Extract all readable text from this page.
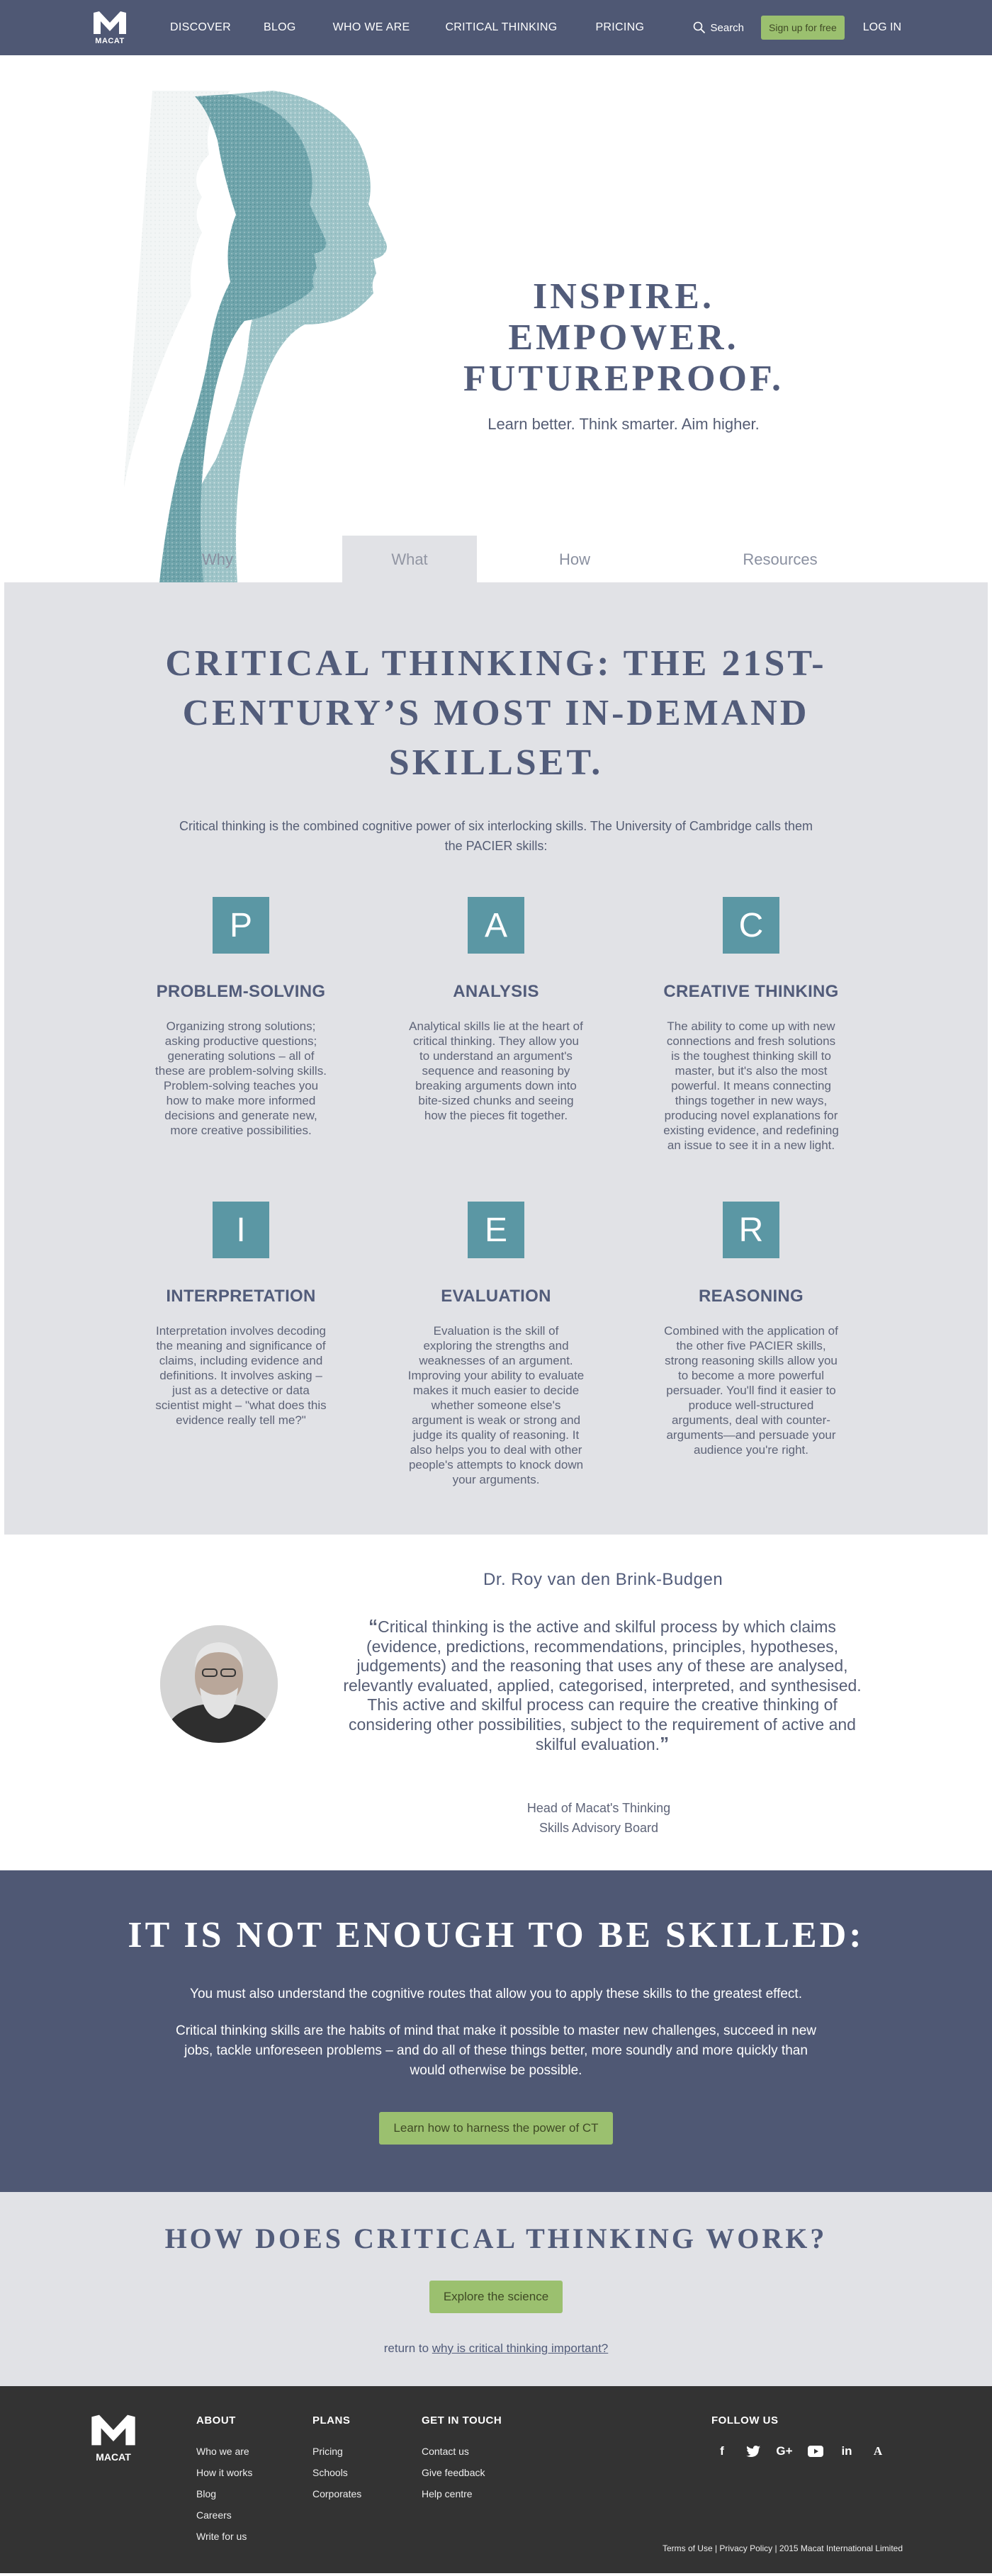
MACAT
DISCOVER	BLOG	WHO WE ARE	CRITICAL THINKING	PRICING	Search	Sign up for free	LOG IN
INSPIRE. EMPOWER.
FUTUREPROOF.

Learn better. Think smarter. Aim higher.

Why	What	How	Resources
CRITICAL THINKING: THE 21ST-CENTURY’S MOST IN-DEMAND SKILLSET.

Critical thinking is the combined cognitive power of six interlocking skills. The University of Cambridge calls them the PACIER skills:

P
PROBLEM-SOLVING

Organizing strong solutions; asking productive questions; generating solutions – all of these are problem-solving skills. Problem-solving teaches you how to make more informed decisions and generate new, more creative possibilities.

A
ANALYSIS

Analytical skills lie at the heart of critical thinking. They allow you to understand an argument's sequence and reasoning by breaking arguments down into bite-sized chunks and seeing how the pieces fit together.

C
CREATIVE THINKING

The ability to come up with new connections and fresh solutions is the toughest thinking skill to master, but it's also the most powerful. It means connecting things together in new ways, producing novel explanations for existing evidence, and redefining an issue to see it in a new light.

I
INTERPRETATION

Interpretation involves decoding the meaning and significance of claims, including evidence and definitions. It involves asking – just as a detective or data scientist might – "what does this evidence really tell me?"

E
EVALUATION

Evaluation is the skill of exploring the strengths and weaknesses of an argument. Improving your ability to evaluate makes it much easier to decide whether someone else's argument is weak or strong and judge its quality of reasoning. It also helps you to deal with other people's attempts to knock down your arguments.

R
REASONING

Combined with the application of the other five PACIER skills, strong reasoning skills allow you to become a more powerful persuader. You'll find it easier to produce well-structured arguments, deal with counter-arguments—and persuade your audience you're right.

Dr. Roy van den Brink-Budgen

“Critical thinking is the active and skilful process by which claims (evidence, predictions, recommendations, principles, hypotheses, judgements) and the reasoning that uses any of these are analysed, relevantly evaluated, applied, categorised, interpreted, and synthesised. This active and skilful process can require the creative thinking of considering other possibilities, subject to the requirement of active and skilful evaluation.”

Head of Macat's Thinking
Skills Advisory Board
IT IS NOT ENOUGH TO BE SKILLED:

You must also understand the cognitive routes that allow you to apply these skills to the greatest effect.

Critical thinking skills are the habits of mind that make it possible to master new challenges, succeed in new jobs, tackle unforeseen problems – and do all of these things better, more soundly and more quickly than would otherwise be possible.

Learn how to harness the power of CT
HOW DOES CRITICAL THINKING WORK?
Explore the science

return to why is critical thinking important?

MACAT
ABOUT
Who we are
How it works
Blog
Careers
Write for us
PLANS
Pricing
Schools
Corporates
GET IN TOUCH
Contact us
Give feedback
Help centre
FOLLOW US
f	G+	in	A
Terms of Use | Privacy Policy | 2015 Macat International Limited
